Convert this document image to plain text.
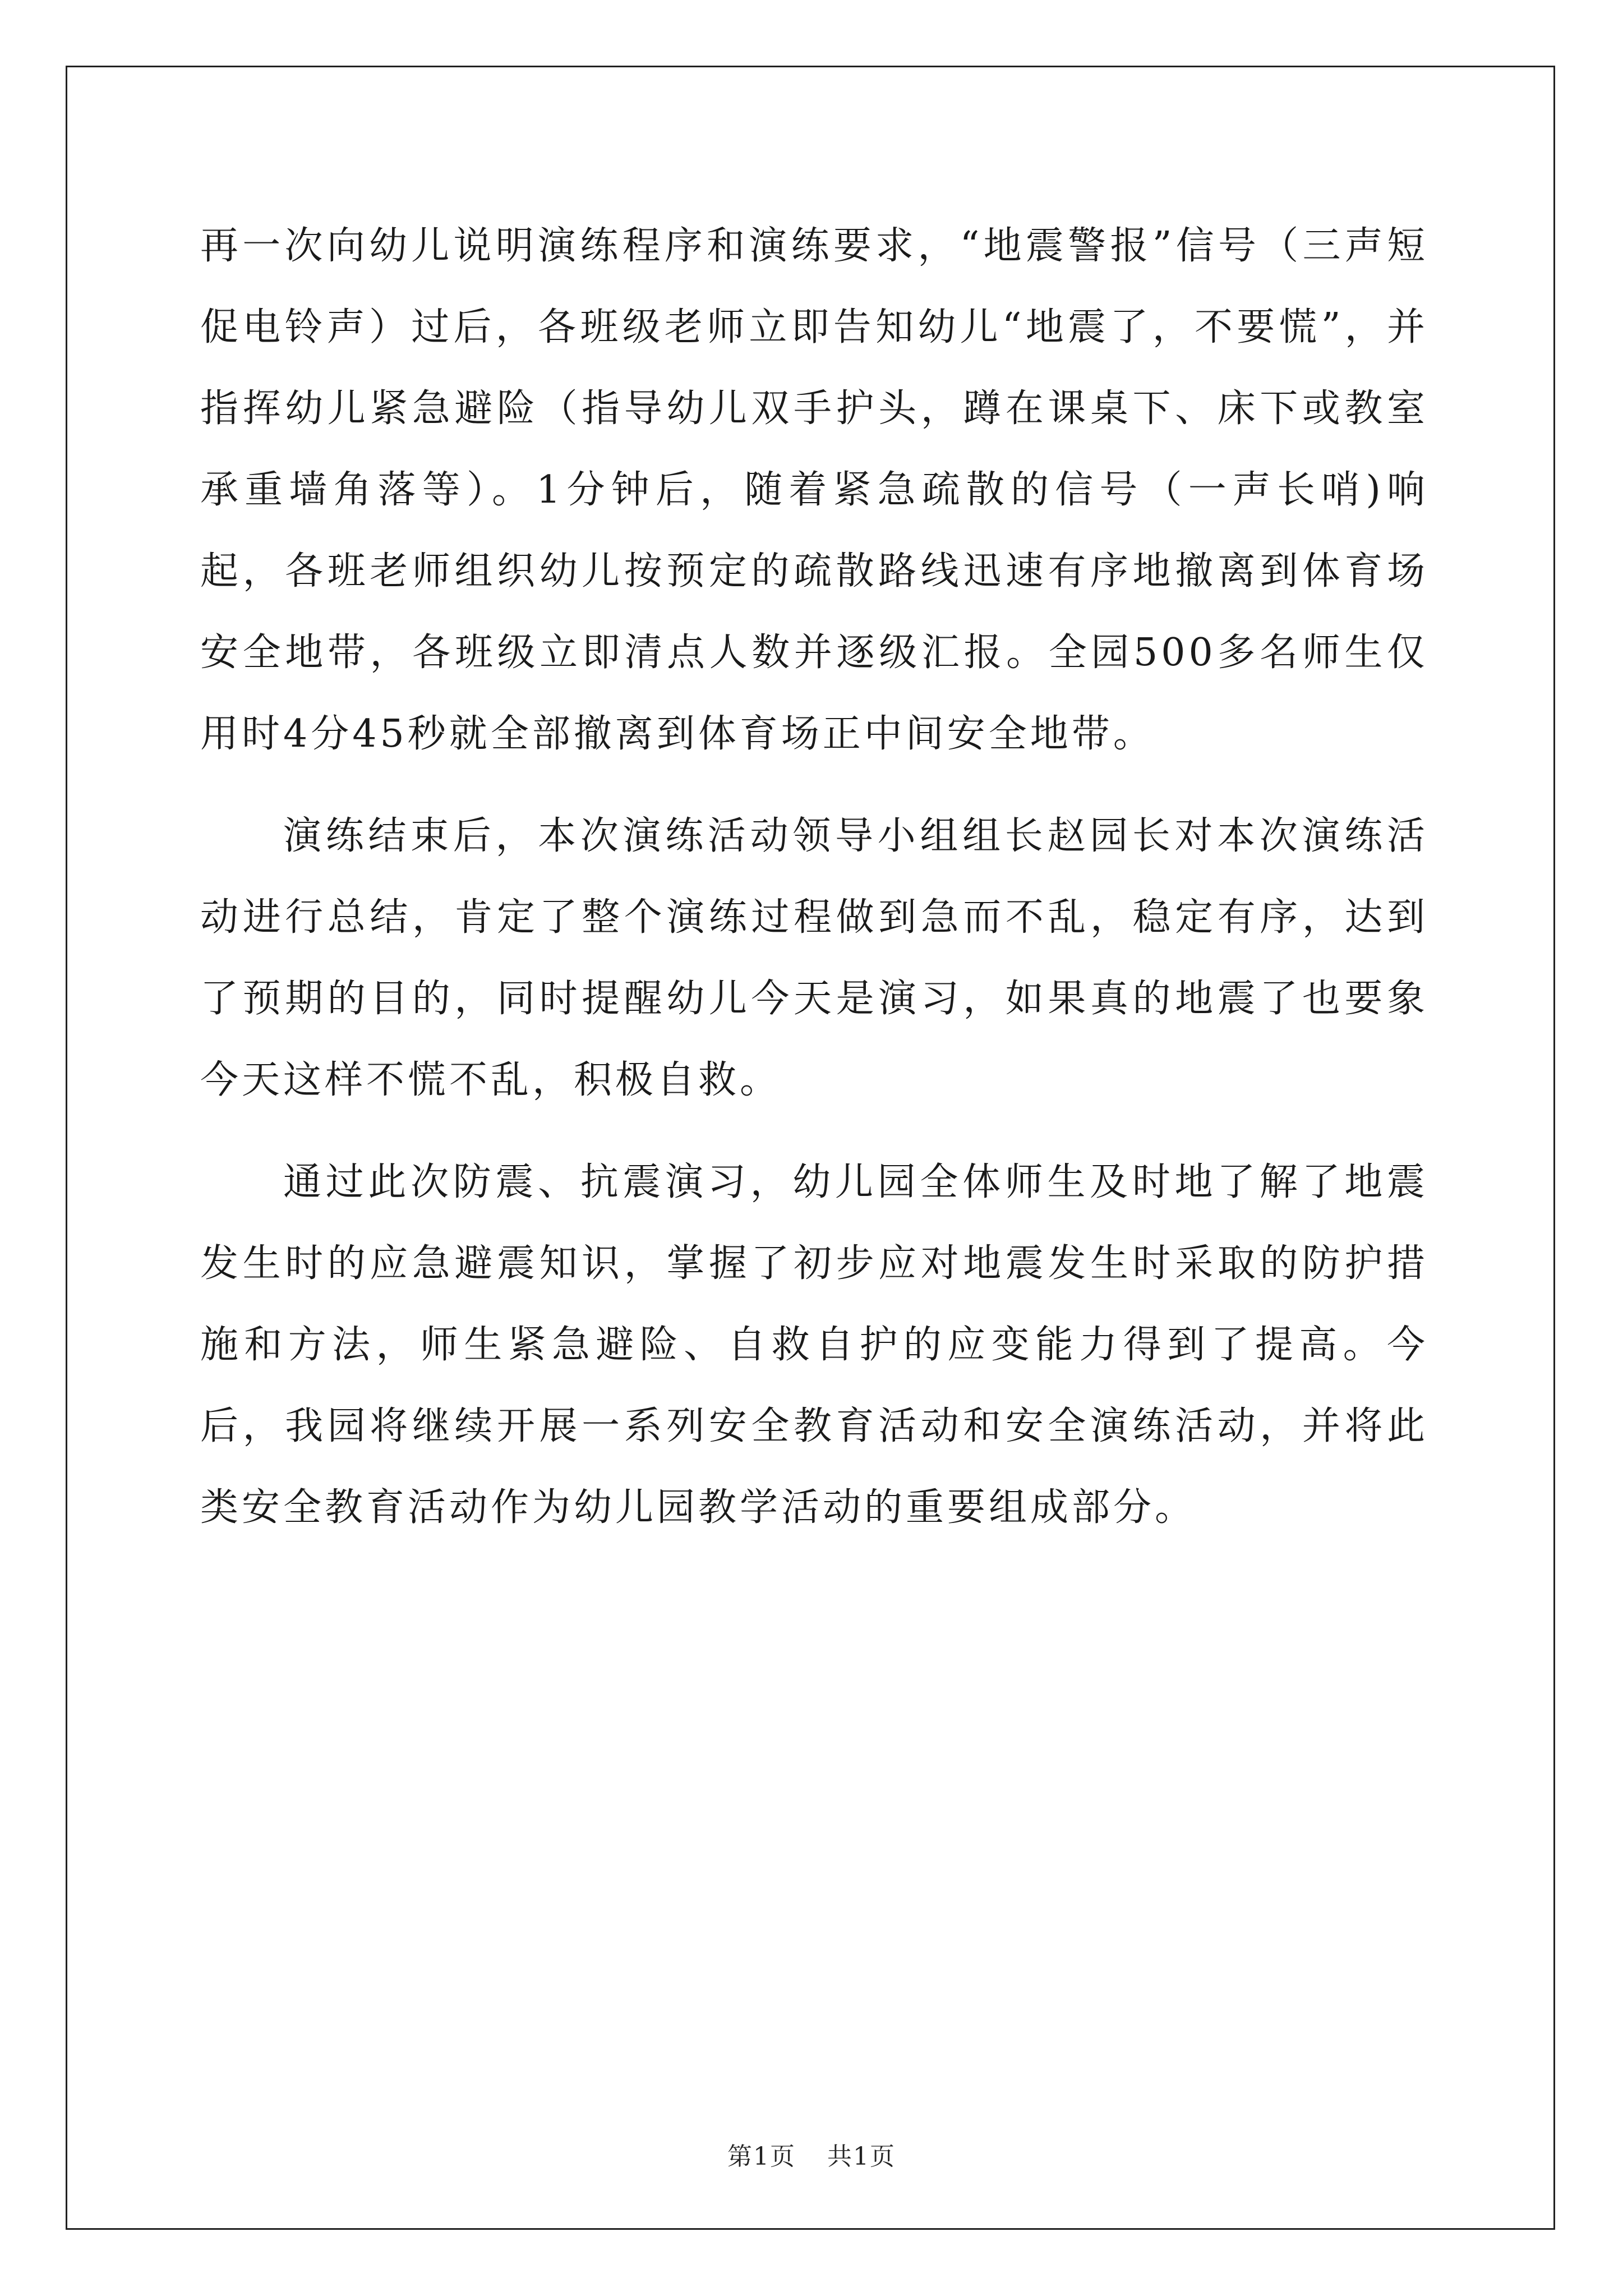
再一次向幼儿说明演练程序和演练要求，“地震警报”信号（三声短促电铃声）过后，各班级老师立即告知幼儿“地震了，不要慌”，并指挥幼儿紧急避险（指导幼儿双手护头，蹲在课桌下、床下或教室承重墙角落等）。1分钟后，随着紧急疏散的信号（一声长哨)响起，各班老师组织幼儿按预定的疏散路线迅速有序地撤离到体育场安全地带，各班级立即清点人数并逐级汇报。全园500多名师生仅用时4分45秒就全部撤离到体育场正中间安全地带。

演练结束后，本次演练活动领导小组组长赵园长对本次演练活动进行总结，肯定了整个演练过程做到急而不乱，稳定有序，达到了预期的目的，同时提醒幼儿今天是演习，如果真的地震了也要象今天这样不慌不乱，积极自救。

通过此次防震、抗震演习，幼儿园全体师生及时地了解了地震发生时的应急避震知识，掌握了初步应对地震发生时采取的防护措施和方法，师生紧急避险、自救自护的应变能力得到了提高。今后，我园将继续开展一系列安全教育活动和安全演练活动，并将此类安全教育活动作为幼儿园教学活动的重要组成部分。

第1页 共1页
